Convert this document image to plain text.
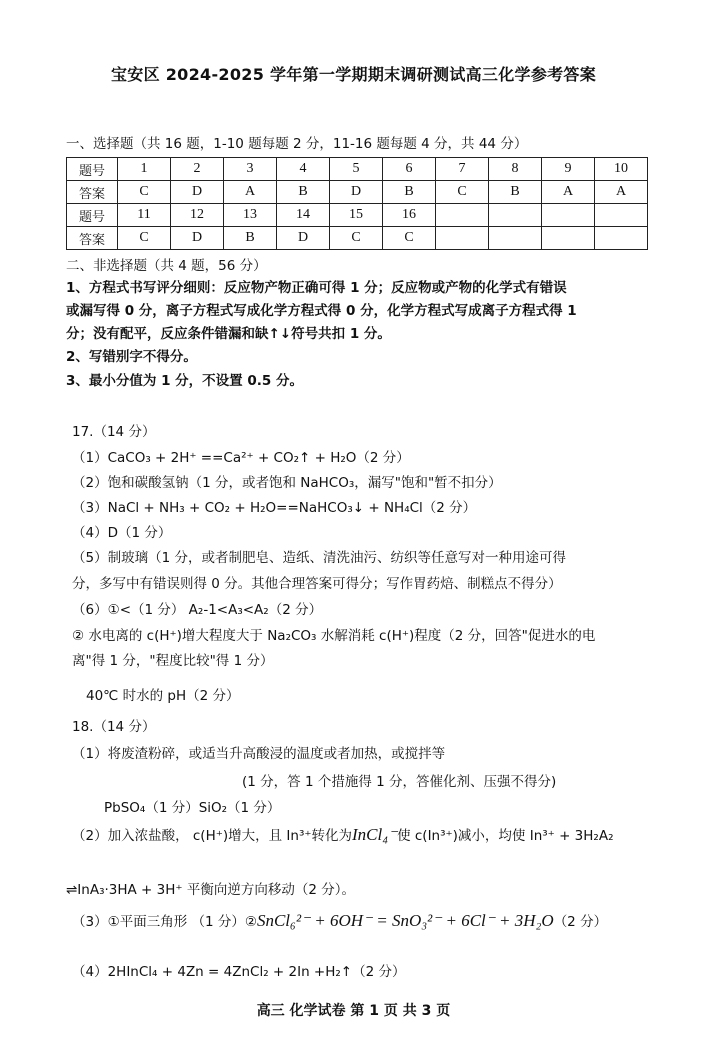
宝安区 2024-2025 学年第一学期期末调研测试高三化学参考答案
一、选择题（共 16 题，1-10 题每题 2 分，11-16 题每题 4 分，共 44 分）
题号	1	2	3	4	5	6	7	8	9	10
答案	C	D	A	B	D	B	C	B	A	A
题号	11	12	13	14	15	16				
答案	C	D	B	D	C	C				
二、非选择题（共 4 题，56 分）
1、方程式书写评分细则：反应物产物正确可得 1 分；反应物或产物的化学式有错误
或漏写得 0 分，离子方程式写成化学方程式得 0 分，化学方程式写成离子方程式得 1
分；没有配平，反应条件错漏和缺↑↓符号共扣 1 分。
2、写错别字不得分。
3、最小分值为 1 分，不设置 0.5 分。
17.（14 分）
（1）CaCO₃ + 2H⁺ ==Ca²⁺ + CO₂↑ + H₂O（2 分）
（2）饱和碳酸氢钠（1 分，或者饱和 NaHCO₃，漏写"饱和"暂不扣分）
（3）NaCl + NH₃ + CO₂ + H₂O==NaHCO₃↓ + NH₄Cl（2 分）
（4）D（1 分）
（5）制玻璃（1 分，或者制肥皂、造纸、清洗油污、纺织等任意写对一种用途可得
分，多写中有错误则得 0 分。其他合理答案可得分；写作胃药焙、制糕点不得分）
（6）①<（1 分） A₂-1<A₃<A₂（2 分）
② 水电离的 c(H⁺)增大程度大于 Na₂CO₃ 水解消耗 c(H⁺)程度（2 分，回答"促进水的电
离"得 1 分，"程度比较"得 1 分）
40℃ 时水的 pH（2 分）
18.（14 分）
（1）将废渣粉碎，或适当升高酸浸的温度或者加热，或搅拌等
(1 分，答 1 个措施得 1 分，答催化剂、压强不得分)
PbSO₄（1 分）SiO₂（1 分）
（2）加入浓盐酸， c(H⁺)增大，且 In³⁺转化为InCl₄⁻使 c(In³⁺)减小，均使 In³⁺ + 3H₂A₂
⇌InA₃·3HA + 3H⁺ 平衡向逆方向移动（2 分）。
（3）①平面三角形 （1 分）②SnCl₆²⁻ + 6OH⁻ = SnO₃²⁻ + 6Cl⁻ + 3H₂O（2 分）
（4）2HInCl₄ + 4Zn = 4ZnCl₂ + 2In +H₂↑（2 分）
高三 化学试卷 第 1 页 共 3 页
